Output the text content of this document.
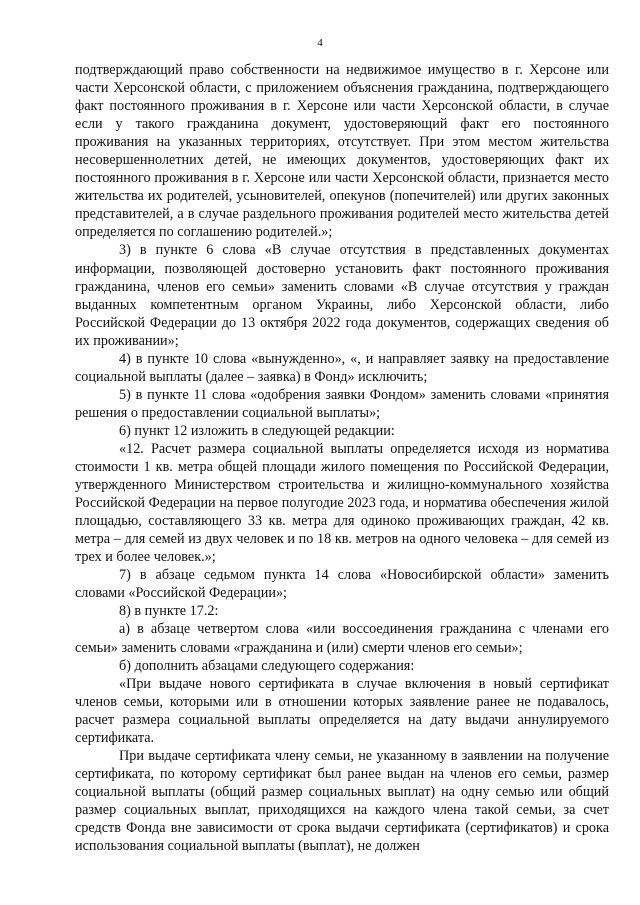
4

подтверждающий право собственности на недвижимое имущество в г. Херсоне или части Херсонской области, с приложением объяснения гражданина, подтверждающего факт постоянного проживания в г. Херсоне или части Херсонской области, в случае если у такого гражданина документ, удостоверяющий факт его постоянного проживания на указанных территориях, отсутствует. При этом местом жительства несовершеннолетних детей, не имеющих документов, удостоверяющих факт их постоянного проживания в г. Херсоне или части Херсонской области, признается место жительства их родителей, усыновителей, опекунов (попечителей) или других законных представителей, а в случае раздельного проживания родителей место жительства детей определяется по соглашению родителей.»;

3) в пункте 6 слова «В случае отсутствия в представленных документах информации, позволяющей достоверно установить факт постоянного проживания гражданина, членов его семьи» заменить словами «В случае отсутствия у граждан выданных компетентным органом Украины, либо Херсонской области, либо Российской Федерации до 13 октября 2022 года документов, содержащих сведения об их проживании»;

4) в пункте 10 слова «вынужденно», «, и направляет заявку на предоставление социальной выплаты (далее – заявка) в Фонд» исключить;

5) в пункте 11 слова «одобрения заявки Фондом» заменить словами «принятия решения о предоставлении социальной выплаты»;

6) пункт 12 изложить в следующей редакции:

«12. Расчет размера социальной выплаты определяется исходя из норматива стоимости 1 кв. метра общей площади жилого помещения по Российской Федерации, утвержденного Министерством строительства и жилищно-коммунального хозяйства Российской Федерации на первое полугодие 2023 года, и норматива обеспечения жилой площадью, составляющего 33 кв. метра для одиноко проживающих граждан, 42 кв. метра – для семей из двух человек и по 18 кв. метров на одного человека – для семей из трех и более человек.»;

7) в абзаце седьмом пункта 14 слова «Новосибирской области» заменить словами «Российской Федерации»;

8) в пункте 17.2:

а) в абзаце четвертом слова «или воссоединения гражданина с членами его семьи» заменить словами «гражданина и (или) смерти членов его семьи»;

б) дополнить абзацами следующего содержания:

«При выдаче нового сертификата в случае включения в новый сертификат членов семьи, которыми или в отношении которых заявление ранее не подавалось, расчет размера социальной выплаты определяется на дату выдачи аннулируемого сертификата.

При выдаче сертификата члену семьи, не указанному в заявлении на получение сертификата, по которому сертификат был ранее выдан на членов его семьи, размер социальной выплаты (общий размер социальных выплат) на одну семью или общий размер социальных выплат, приходящихся на каждого члена такой семьи, за счет средств Фонда вне зависимости от срока выдачи сертификата (сертификатов) и срока использования социальной выплаты (выплат), не должен
